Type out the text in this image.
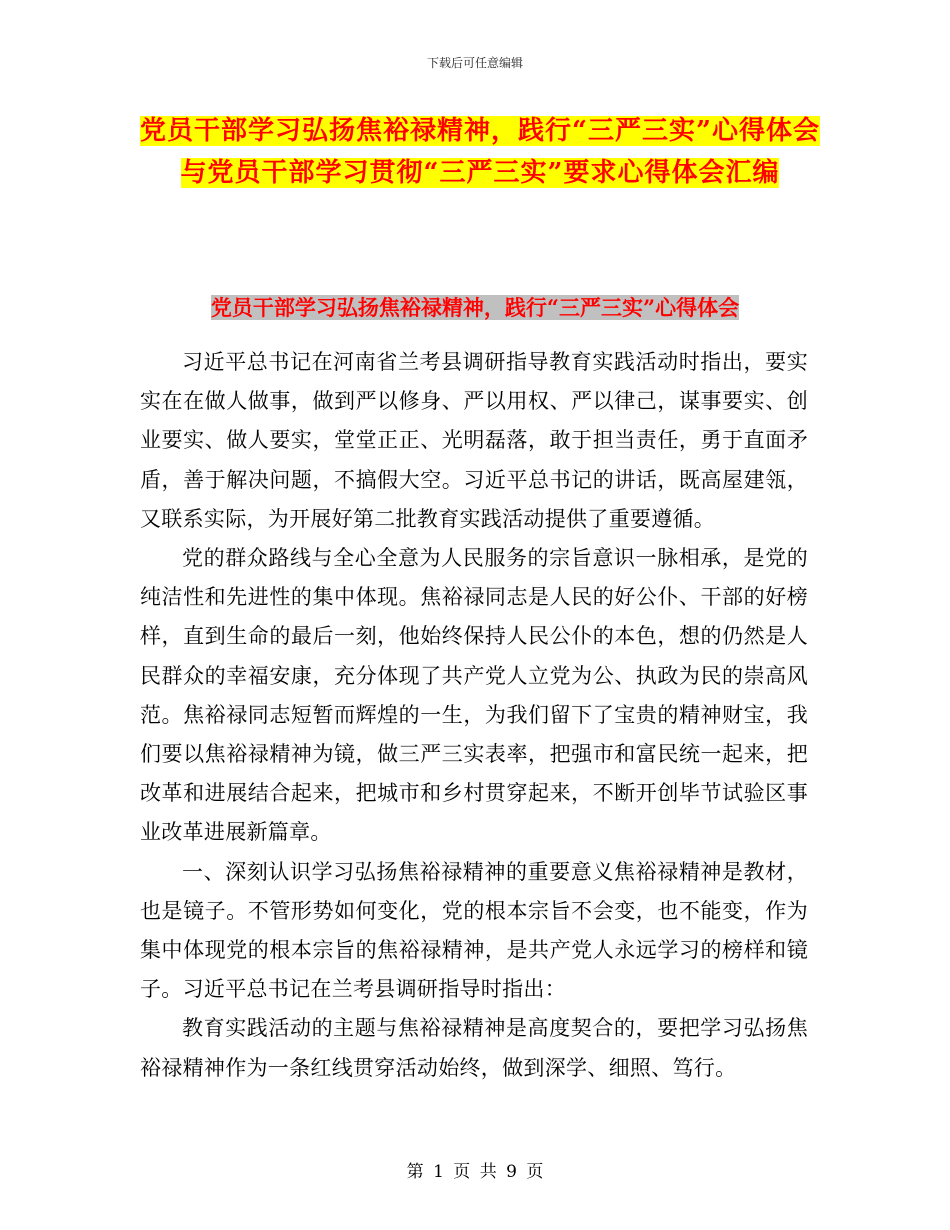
下载后可任意编辑
党员干部学习弘扬焦裕禄精神，践行“三严三实”心得体会与党员干部学习贯彻“三严三实”要求心得体会汇编
党员干部学习弘扬焦裕禄精神，践行“三严三实”心得体会

习近平总书记在河南省兰考县调研指导教育实践活动时指出，要实实在在做人做事，做到严以修身、严以用权、严以律己，谋事要实、创业要实、做人要实，堂堂正正、光明磊落，敢于担当责任，勇于直面矛盾，善于解决问题，不搞假大空。习近平总书记的讲话，既高屋建瓴，又联系实际，为开展好第二批教育实践活动提供了重要遵循。

党的群众路线与全心全意为人民服务的宗旨意识一脉相承，是党的纯洁性和先进性的集中体现。焦裕禄同志是人民的好公仆、干部的好榜样，直到生命的最后一刻，他始终保持人民公仆的本色，想的仍然是人民群众的幸福安康，充分体现了共产党人立党为公、执政为民的崇高风范。焦裕禄同志短暂而辉煌的一生，为我们留下了宝贵的精神财宝，我们要以焦裕禄精神为镜，做三严三实表率，把强市和富民统一起来，把改革和进展结合起来，把城市和乡村贯穿起来，不断开创毕节试验区事业改革进展新篇章。

一、深刻认识学习弘扬焦裕禄精神的重要意义焦裕禄精神是教材，也是镜子。不管形势如何变化，党的根本宗旨不会变，也不能变，作为集中体现党的根本宗旨的焦裕禄精神，是共产党人永远学习的榜样和镜子。习近平总书记在兰考县调研指导时指出：

教育实践活动的主题与焦裕禄精神是高度契合的，要把学习弘扬焦裕禄精神作为一条红线贯穿活动始终，做到深学、细照、笃行。

第 1 页 共 9 页
